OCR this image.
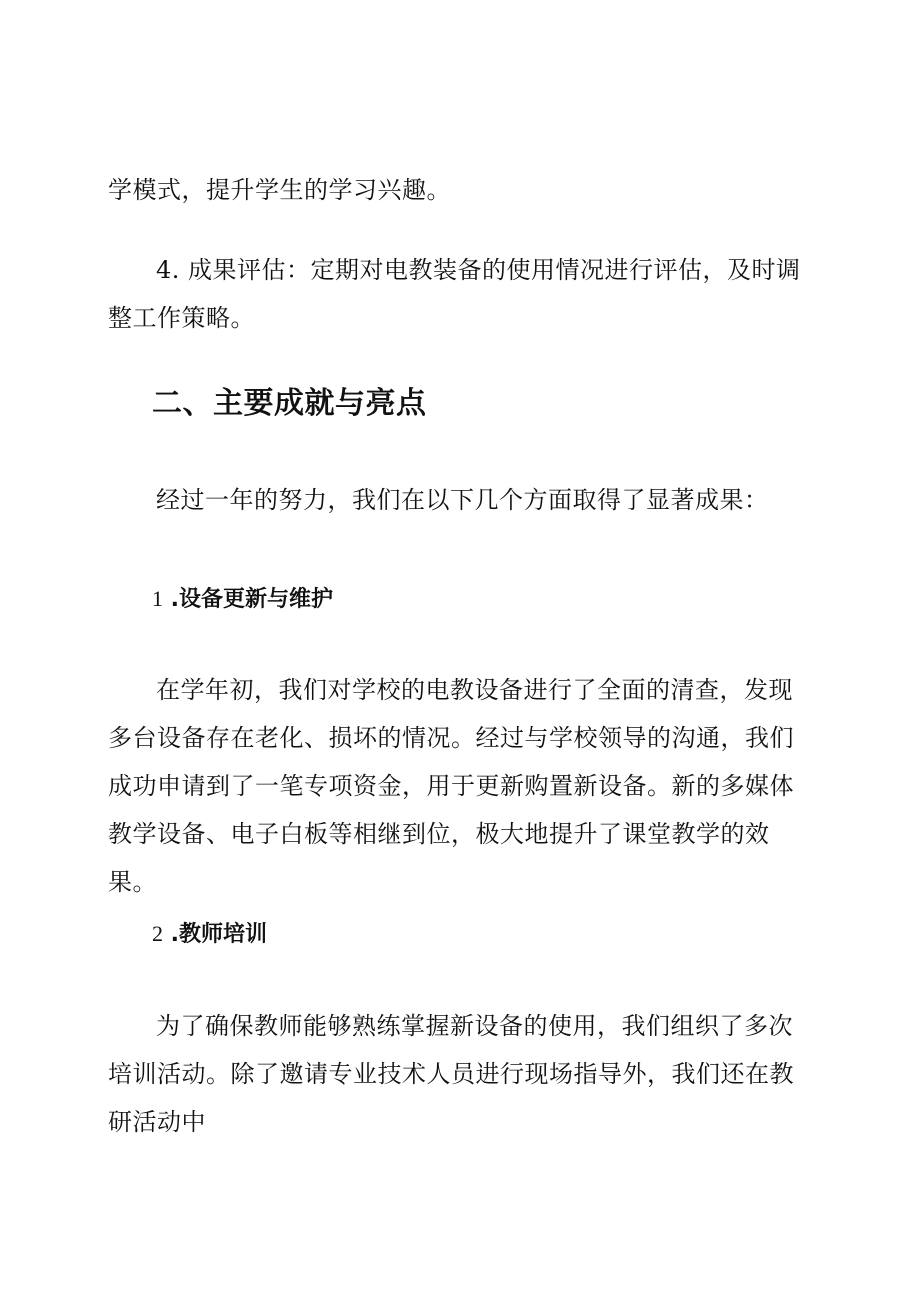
学模式，提升学生的学习兴趣。
4. 成果评估：定期对电教装备的使用情况进行评估，及时调整工作策略。
二、主要成就与亮点
经过一年的努力，我们在以下几个方面取得了显著成果：
1 .设备更新与维护
在学年初，我们对学校的电教设备进行了全面的清查，发现多台设备存在老化、损坏的情况。经过与学校领导的沟通，我们成功申请到了一笔专项资金，用于更新购置新设备。新的多媒体教学设备、电子白板等相继到位，极大地提升了课堂教学的效果。
2 .教师培训
为了确保教师能够熟练掌握新设备的使用，我们组织了多次培训活动。除了邀请专业技术人员进行现场指导外，我们还在教研活动中
